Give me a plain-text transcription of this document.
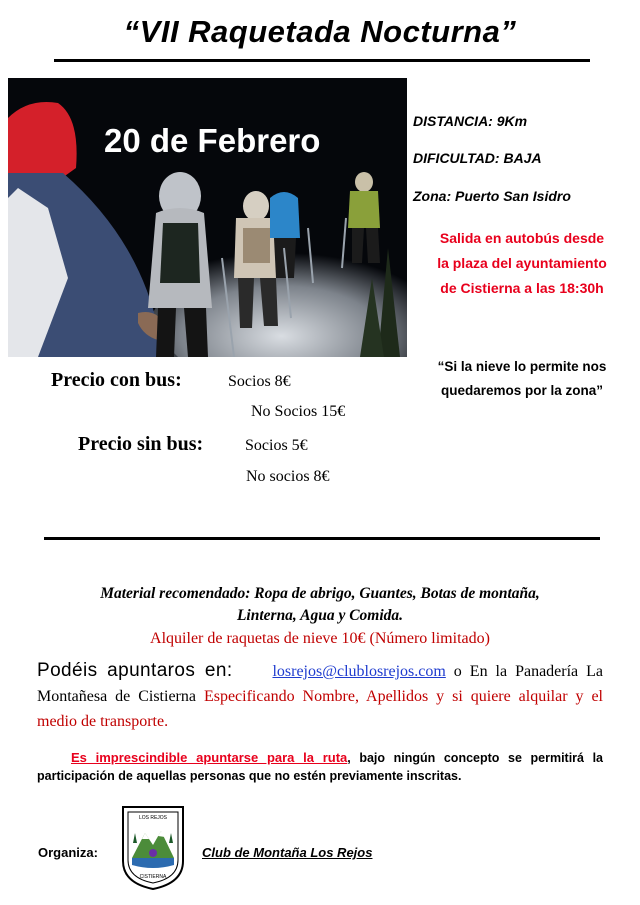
“VII Raquetada Nocturna”
20 de Febrero
DISTANCIA: 9Km
DIFICULTAD: BAJA
Zona: Puerto San Isidro
Salida en autobús desde
la plaza del ayuntamiento
de Cistierna a las 18:30h
“Si la nieve lo permite nos
quedaremos por la zona”
Precio con bus:	Socios 8€
No Socios 15€
Precio sin bus:	Socios 5€
No socios 8€
Material recomendado: Ropa de abrigo, Guantes, Botas de montaña,
Linterna, Agua y Comida.
Alquiler de raquetas de nieve 10€ (Número limitado)
Podéis apuntaros en: losrejos@clublosrejos.com o En la Panadería La Montañesa de Cistierna Especificando Nombre, Apellidos y si quiere alquilar y el medio de transporte.
Es imprescindible apuntarse para la ruta, bajo ningún concepto se permitirá la participación de aquellas personas que no estén previamente inscritas.
Organiza:
LOS REJOS
CISTIERNA
Club de Montaña Los Rejos
